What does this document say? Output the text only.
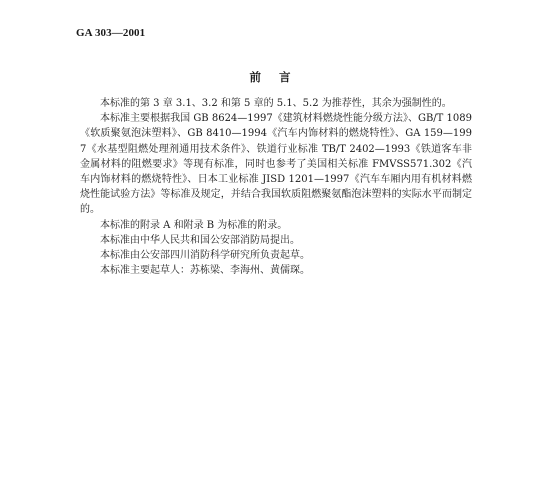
GA 303—2001
前言

本标准的第 3 章 3.1、3.2 和第 5 章的 5.1、5.2 为推荐性，其余为强制性的。

本标准主要根据我国 GB 8624—1997《建筑材料燃烧性能分级方法》、GB/T 1089《软质聚氨泡沫塑料》、GB 8410—1994《汽车内饰材料的燃烧特性》、GA 159—1997《水基型阻燃处理剂通用技术条件》、铁道行业标准 TB/T 2402—1993《铁道客车非金属材料的阻燃要求》等现有标准，同时也参考了美国相关标准 FMVSS571.302《汽车内饰材料的燃烧特性》、日本工业标准 JISD 1201—1997《汽车车厢内用有机材料燃烧性能试验方法》等标准及规定，并结合我国软质阻燃聚氨酯泡沫塑料的实际水平而制定的。

本标准的附录 A 和附录 B 为标准的附录。

本标准由中华人民共和国公安部消防局提出。

本标准由公安部四川消防科学研究所负责起草。

本标准主要起草人：苏栋梁、李海州、黄儒琛。
